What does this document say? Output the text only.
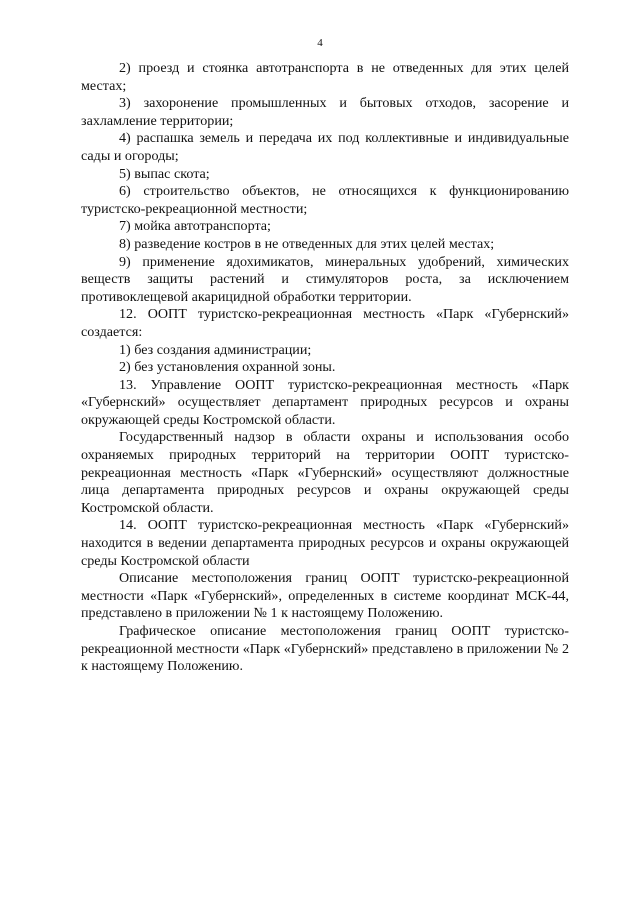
4

2) проезд и стоянка автотранспорта в не отведенных для этих целей местах;

3) захоронение промышленных и бытовых отходов, засорение и захламление территории;

4) распашка земель и передача их под коллективные и индивидуальные сады и огороды;

5) выпас скота;

6) строительство объектов, не относящихся к функционированию туристско-рекреационной местности;

7) мойка автотранспорта;

8) разведение костров в не отведенных для этих целей местах;

9) применение ядохимикатов, минеральных удобрений, химических веществ защиты растений и стимуляторов роста, за исключением противоклещевой акарицидной обработки территории.

12. ООПТ туристско-рекреационная местность «Парк «Губернский» создается:

1) без создания администрации;

2) без установления охранной зоны.

13. Управление ООПТ туристско-рекреационная местность «Парк «Губернский» осуществляет департамент природных ресурсов и охраны окружающей среды Костромской области.

Государственный надзор в области охраны и использования особо охраняемых природных территорий на территории ООПТ туристско-рекреационная местность «Парк «Губернский» осуществляют должностные лица департамента природных ресурсов и охраны окружающей среды Костромской области.

14. ООПТ туристско-рекреационная местность «Парк «Губернский» находится в ведении департамента природных ресурсов и охраны окружающей среды Костромской области

Описание местоположения границ ООПТ туристско-рекреационной местности «Парк «Губернский», определенных в системе координат МСК-44, представлено в приложении № 1 к настоящему Положению.

Графическое описание местоположения границ ООПТ туристско-рекреационной местности «Парк «Губернский» представлено в приложении № 2 к настоящему Положению.
